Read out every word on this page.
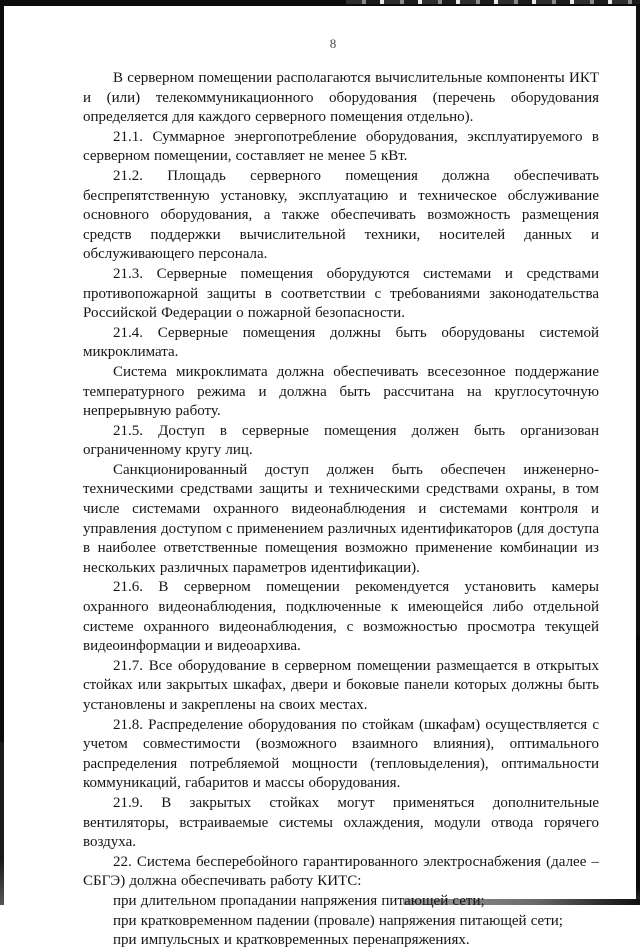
8

В серверном помещении располагаются вычислительные компоненты ИКТ и (или) телекоммуникационного оборудования (перечень оборудования определяется для каждого серверного помещения отдельно).

21.1. Суммарное энергопотребление оборудования, эксплуатируемого в серверном помещении, составляет не менее 5 кВт.

21.2. Площадь серверного помещения должна обеспечивать беспрепятственную установку, эксплуатацию и техническое обслуживание основного оборудования, а также обеспечивать возможность размещения средств поддержки вычислительной техники, носителей данных и обслуживающего персонала.

21.3. Серверные помещения оборудуются системами и средствами противопожарной защиты в соответствии с требованиями законодательства Российской Федерации о пожарной безопасности.

21.4. Серверные помещения должны быть оборудованы системой микроклимата.

Система микроклимата должна обеспечивать всесезонное поддержание температурного режима и должна быть рассчитана на круглосуточную непрерывную работу.

21.5. Доступ в серверные помещения должен быть организован ограниченному кругу лиц.

Санкционированный доступ должен быть обеспечен инженерно-техническими средствами защиты и техническими средствами охраны, в том числе системами охранного видеонаблюдения и системами контроля и управления доступом с применением различных идентификаторов (для доступа в наиболее ответственные помещения возможно применение комбинации из нескольких различных параметров идентификации).

21.6. В серверном помещении рекомендуется установить камеры охранного видеонаблюдения, подключенные к имеющейся либо отдельной системе охранного видеонаблюдения, с возможностью просмотра текущей видеоинформации и видеоархива.

21.7. Все оборудование в серверном помещении размещается в открытых стойках или закрытых шкафах, двери и боковые панели которых должны быть установлены и закреплены на своих местах.

21.8. Распределение оборудования по стойкам (шкафам) осуществляется с учетом совместимости (возможного взаимного влияния), оптимального распределения потребляемой мощности (тепловыделения), оптимальности коммуникаций, габаритов и массы оборудования.

21.9. В закрытых стойках могут применяться дополнительные вентиляторы, встраиваемые системы охлаждения, модули отвода горячего воздуха.

22. Система бесперебойного гарантированного электроснабжения (далее – СБГЭ) должна обеспечивать работу КИТС:

при длительном пропадании напряжения питающей сети;

при кратковременном падении (провале) напряжения питающей сети;

при импульсных и кратковременных перенапряжениях.
